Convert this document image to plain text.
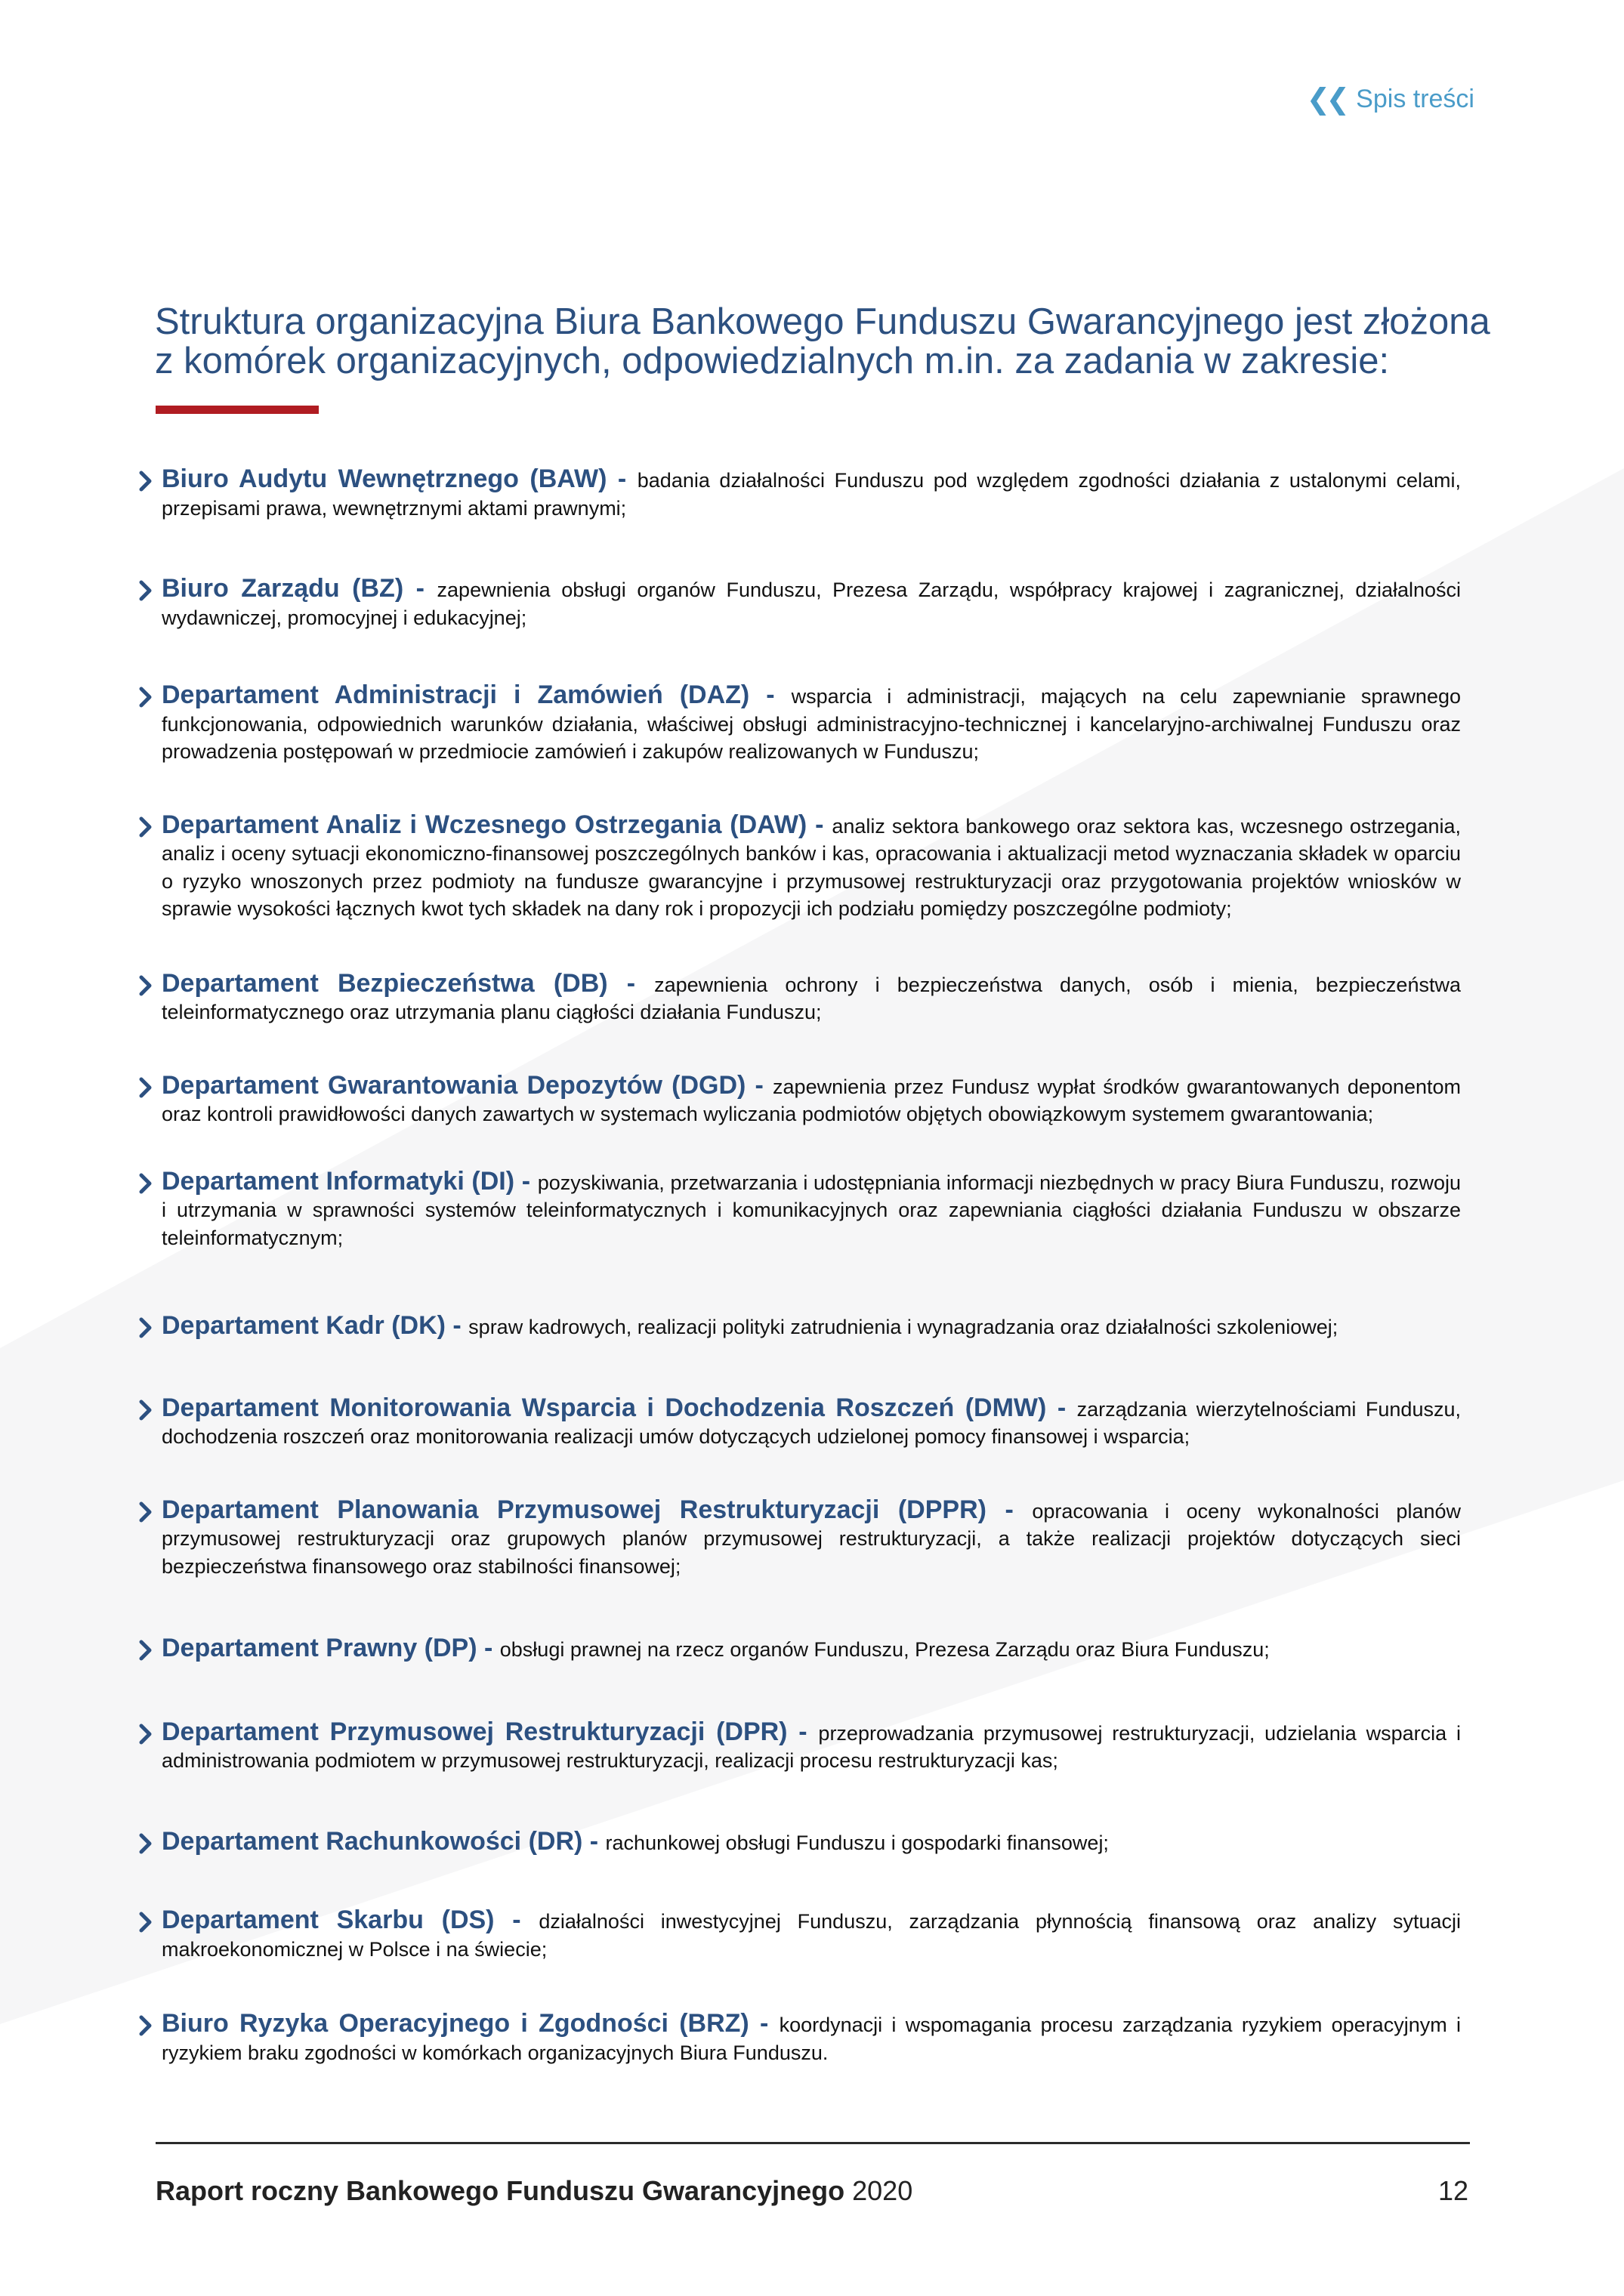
❮❮ Spis treści
Struktura organizacyjna Biura Bankowego Funduszu Gwarancyjnego jest złożona z komórek organizacyjnych, odpowiedzialnych m.in. za zadania w zakresie:
Biuro Audytu Wewnętrznego (BAW) - badania działalności Funduszu pod względem zgodności działania z ustalonymi celami, przepisami prawa, wewnętrznymi aktami prawnymi;
Biuro Zarządu (BZ) - zapewnienia obsługi organów Funduszu, Prezesa Zarządu, współpracy krajowej i zagranicznej, działalności wydawniczej, promocyjnej i edukacyjnej;
Departament Administracji i Zamówień (DAZ) - wsparcia i administracji, mających na celu zapewnianie sprawnego funkcjonowania, odpowiednich warunków działania, właściwej obsługi administracyjno-technicznej i kancelaryjno-archiwalnej Funduszu oraz prowadzenia postępowań w przedmiocie zamówień i zakupów realizowanych w Funduszu;
Departament Analiz i Wczesnego Ostrzegania (DAW) - analiz sektora bankowego oraz sektora kas, wczesnego ostrzegania, analiz i oceny sytuacji ekonomiczno-finansowej poszczególnych banków i kas, opracowania i aktualizacji metod wyznaczania składek w oparciu o ryzyko wnoszonych przez podmioty na fundusze gwarancyjne i przymusowej restrukturyzacji oraz przygotowania projektów wniosków w sprawie wysokości łącznych kwot tych składek na dany rok i propozycji ich podziału pomiędzy poszczególne podmioty;
Departament Bezpieczeństwa (DB) - zapewnienia ochrony i bezpieczeństwa danych, osób i mienia, bezpieczeństwa teleinformatycznego oraz utrzymania planu ciągłości działania Funduszu;
Departament Gwarantowania Depozytów (DGD) - zapewnienia przez Fundusz wypłat środków gwarantowanych deponentom oraz kontroli prawidłowości danych zawartych w systemach wyliczania podmiotów objętych obowiązkowym systemem gwarantowania;
Departament Informatyki (DI) - pozyskiwania, przetwarzania i udostępniania informacji niezbędnych w pracy Biura Funduszu, rozwoju i utrzymania w sprawności systemów teleinformatycznych i komunikacyjnych oraz zapewniania ciągłości działania Funduszu w obszarze teleinformatycznym;
Departament Kadr (DK) - spraw kadrowych, realizacji polityki zatrudnienia i wynagradzania oraz działalności szkoleniowej;
Departament Monitorowania Wsparcia i Dochodzenia Roszczeń (DMW) - zarządzania wierzytelnościami Funduszu, dochodzenia roszczeń oraz monitorowania realizacji umów dotyczących udzielonej pomocy finansowej i wsparcia;
Departament Planowania Przymusowej Restrukturyzacji (DPPR) - opracowania i oceny wykonalności planów przymusowej restrukturyzacji oraz grupowych planów przymusowej restrukturyzacji, a także realizacji projektów dotyczących sieci bezpieczeństwa finansowego oraz stabilności finansowej;
Departament Prawny (DP) - obsługi prawnej na rzecz organów Funduszu, Prezesa Zarządu oraz Biura Funduszu;
Departament Przymusowej Restrukturyzacji (DPR) - przeprowadzania przymusowej restrukturyzacji, udzielania wsparcia i administrowania podmiotem w przymusowej restrukturyzacji, realizacji procesu restrukturyzacji kas;
Departament Rachunkowości (DR) - rachunkowej obsługi Funduszu i gospodarki finansowej;
Departament Skarbu (DS) - działalności inwestycyjnej Funduszu, zarządzania płynnością finansową oraz analizy sytuacji makroekonomicznej w Polsce i na świecie;
Biuro Ryzyka Operacyjnego i Zgodności (BRZ) - koordynacji i wspomagania procesu zarządzania ryzykiem operacyjnym i ryzykiem braku zgodności w komórkach organizacyjnych Biura Funduszu.
Raport roczny Bankowego Funduszu Gwarancyjnego 2020	12
